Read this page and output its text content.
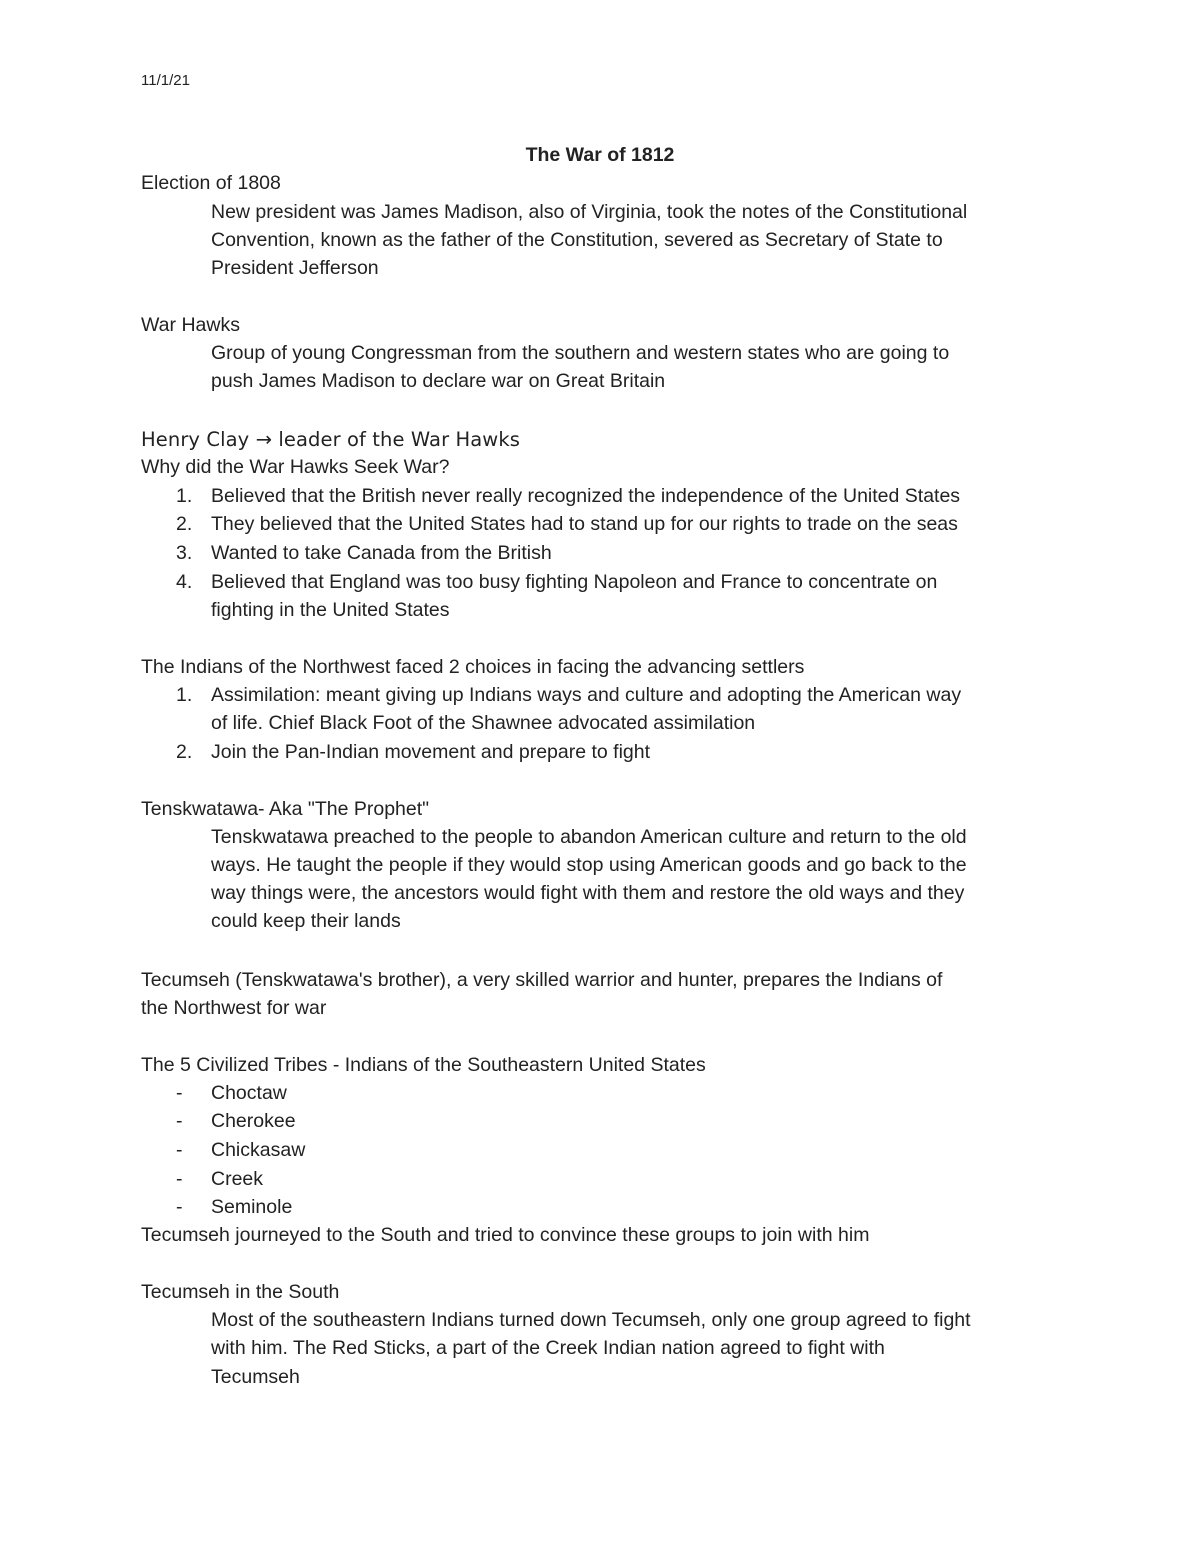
11/1/21
The War of 1812
Election of 1808
New president was James Madison, also of Virginia, took the notes of the Constitutional
Convention, known as the father of the Constitution, severed as Secretary of State to
President Jefferson
War Hawks
Group of young Congressman from the southern and western states who are going to
push James Madison to declare war on Great Britain
Henry Clay → leader of the War Hawks
Why did the War Hawks Seek War?
1. Believed that the British never really recognized the independence of the United States
2. They believed that the United States had to stand up for our rights to trade on the seas
3. Wanted to take Canada from the British
4. Believed that England was too busy fighting Napoleon and France to concentrate on
fighting in the United States
The Indians of the Northwest faced 2 choices in facing the advancing settlers
1. Assimilation: meant giving up Indians ways and culture and adopting the American way
of life. Chief Black Foot of the Shawnee advocated assimilation
2. Join the Pan-Indian movement and prepare to fight
Tenskwatawa- Aka "The Prophet"
Tenskwatawa preached to the people to abandon American culture and return to the old
ways. He taught the people if they would stop using American goods and go back to the
way things were, the ancestors would fight with them and restore the old ways and they
could keep their lands
Tecumseh (Tenskwatawa's brother), a very skilled warrior and hunter, prepares the Indians of
the Northwest for war
The 5 Civilized Tribes - Indians of the Southeastern United States
- Choctaw
- Cherokee
- Chickasaw
- Creek
- Seminole
Tecumseh journeyed to the South and tried to convince these groups to join with him
Tecumseh in the South
Most of the southeastern Indians turned down Tecumseh, only one group agreed to fight
with him. The Red Sticks, a part of the Creek Indian nation agreed to fight with
Tecumseh
